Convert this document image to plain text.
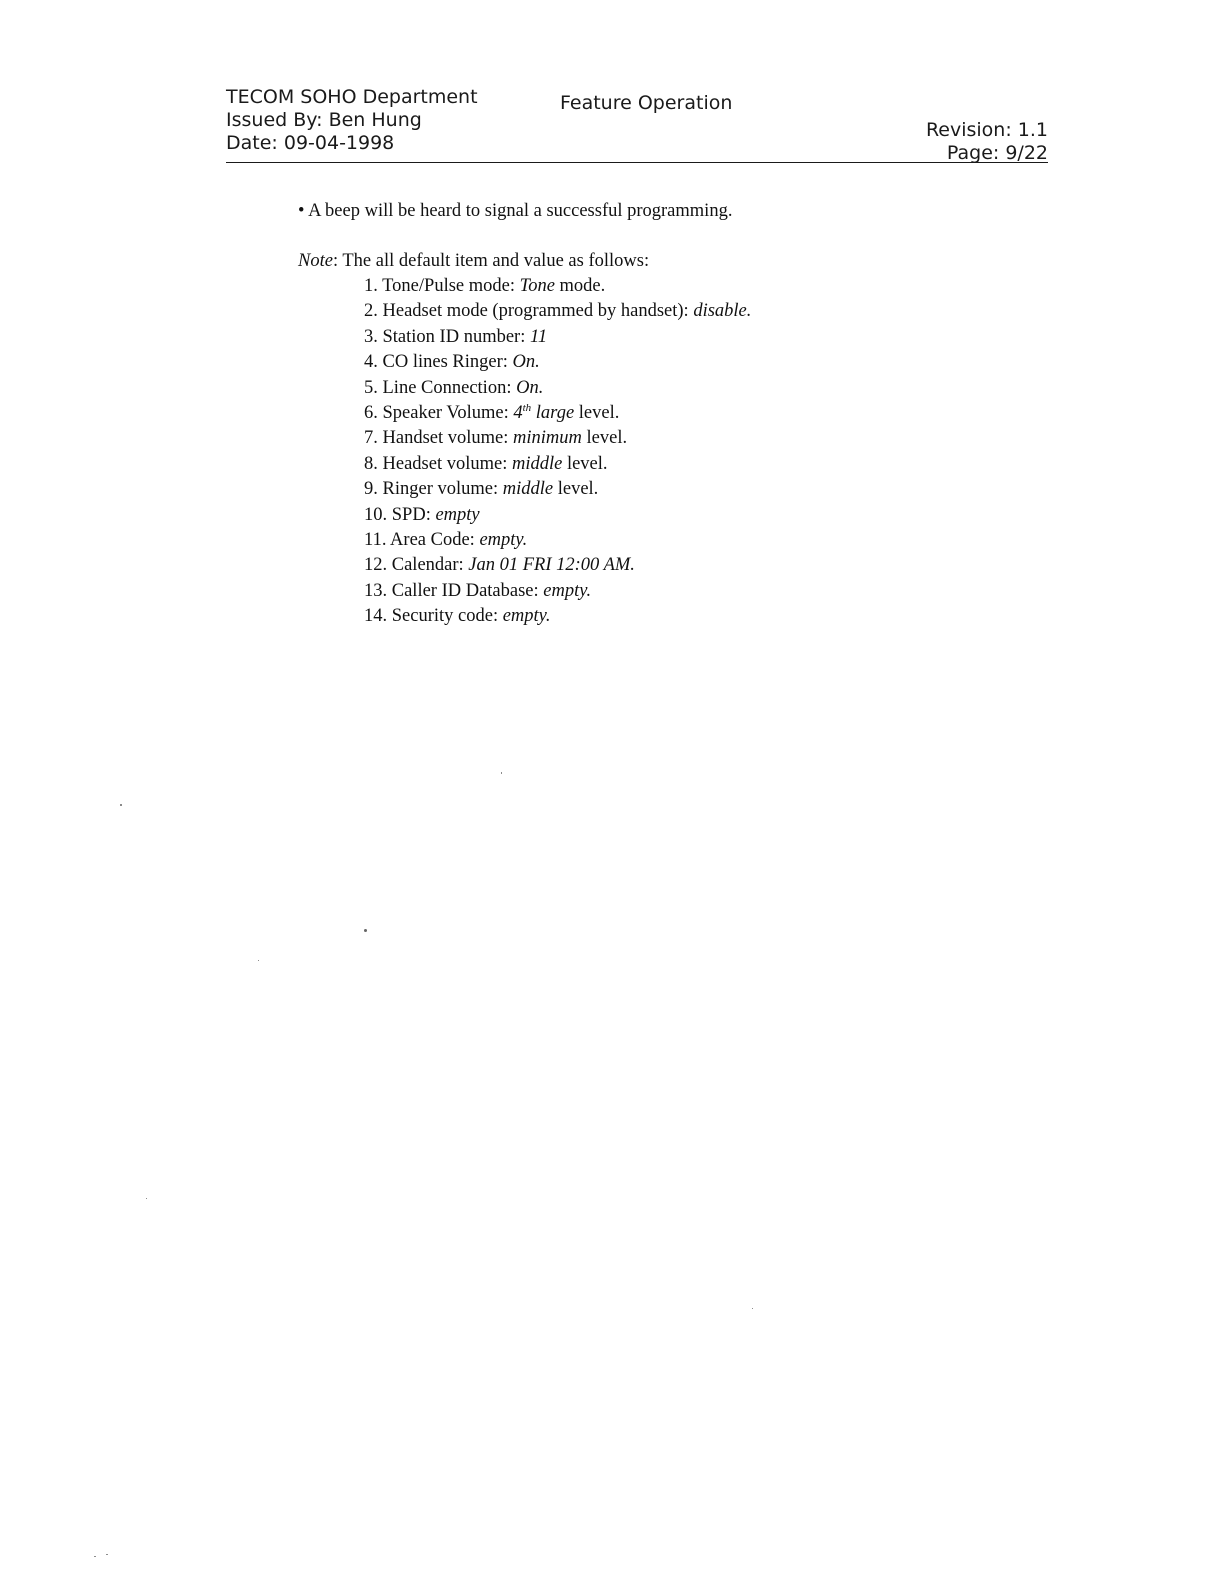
TECOM SOHO Department
Issued By: Ben Hung
Date: 09-04-1998
Feature Operation
Revision: 1.1
Page: 9/22

• A beep will be heard to signal a successful programming.

Note: The all default item and value as follows:

1. Tone/Pulse mode: Tone mode.
2. Headset mode (programmed by handset): disable.
3. Station ID number: 11
4. CO lines Ringer: On.
5. Line Connection: On.
6. Speaker Volume: 4th large level.
7. Handset volume: minimum level.
8. Headset volume: middle level.
9. Ringer volume: middle level.
10. SPD: empty
11. Area Code: empty.
12. Calendar: Jan 01 FRI 12:00 AM.
13. Caller ID Database: empty.
14. Security code: empty.
